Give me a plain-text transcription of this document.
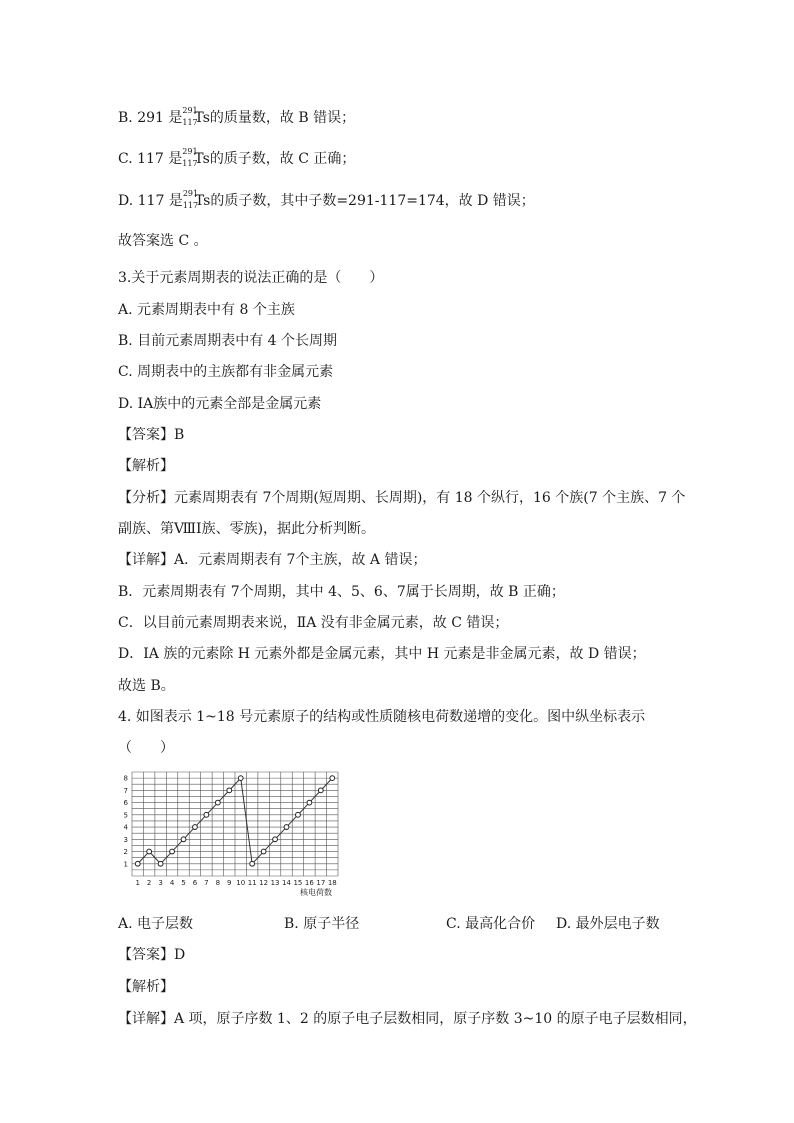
B. 291 是 291
117
Ts的质量数，故 B 错误；
C. 117 是 291
117
Ts的质子数，故 C 正确；
D. 117 是 291
117
Ts的质子数，其中子数=291-117=174，故 D 错误；
故答案选 C 。
3.关于元素周期表的说法正确的是（　　）
A. 元素周期表中有 8 个主族
B. 目前元素周期表中有 4 个长周期
C. 周期表中的主族都有非金属元素
D. ⅠA族中的元素全部是金属元素
【答案】B
【解析】
【分析】元素周期表有 7个周期(短周期、长周期)，有 18 个纵行，16 个族(7 个主族、7 个
副族、第ⅧI族、零族)，据此分析判断。
【详解】A．元素周期表有 7个主族，故 A 错误；
B．元素周期表有 7个周期，其中 4、5、6、7属于长周期，故 B 正确；
C．以目前元素周期表来说，ⅡA 没有非金属元素，故 C 错误；
D．ⅠA 族的元素除 H 元素外都是金属元素，其中 H 元素是非金属元素，故 D 错误；
故选 B。
4. 如图表示 1~18 号元素原子的结构或性质随核电荷数递增的变化。图中纵坐标表示
（　　）
1
2
3
4
5
6
7
8
1 2 3 4 5 6 7 8 9 10 11 12 13 14 15 16 17 18
核电荷数
A. 电子层数	B. 原子半径	C. 最高化合价 D. 最外层电子数
【答案】D
【解析】
【详解】A 项，原子序数 1、2 的原子电子层数相同，原子序数 3~10 的原子电子层数相同，
